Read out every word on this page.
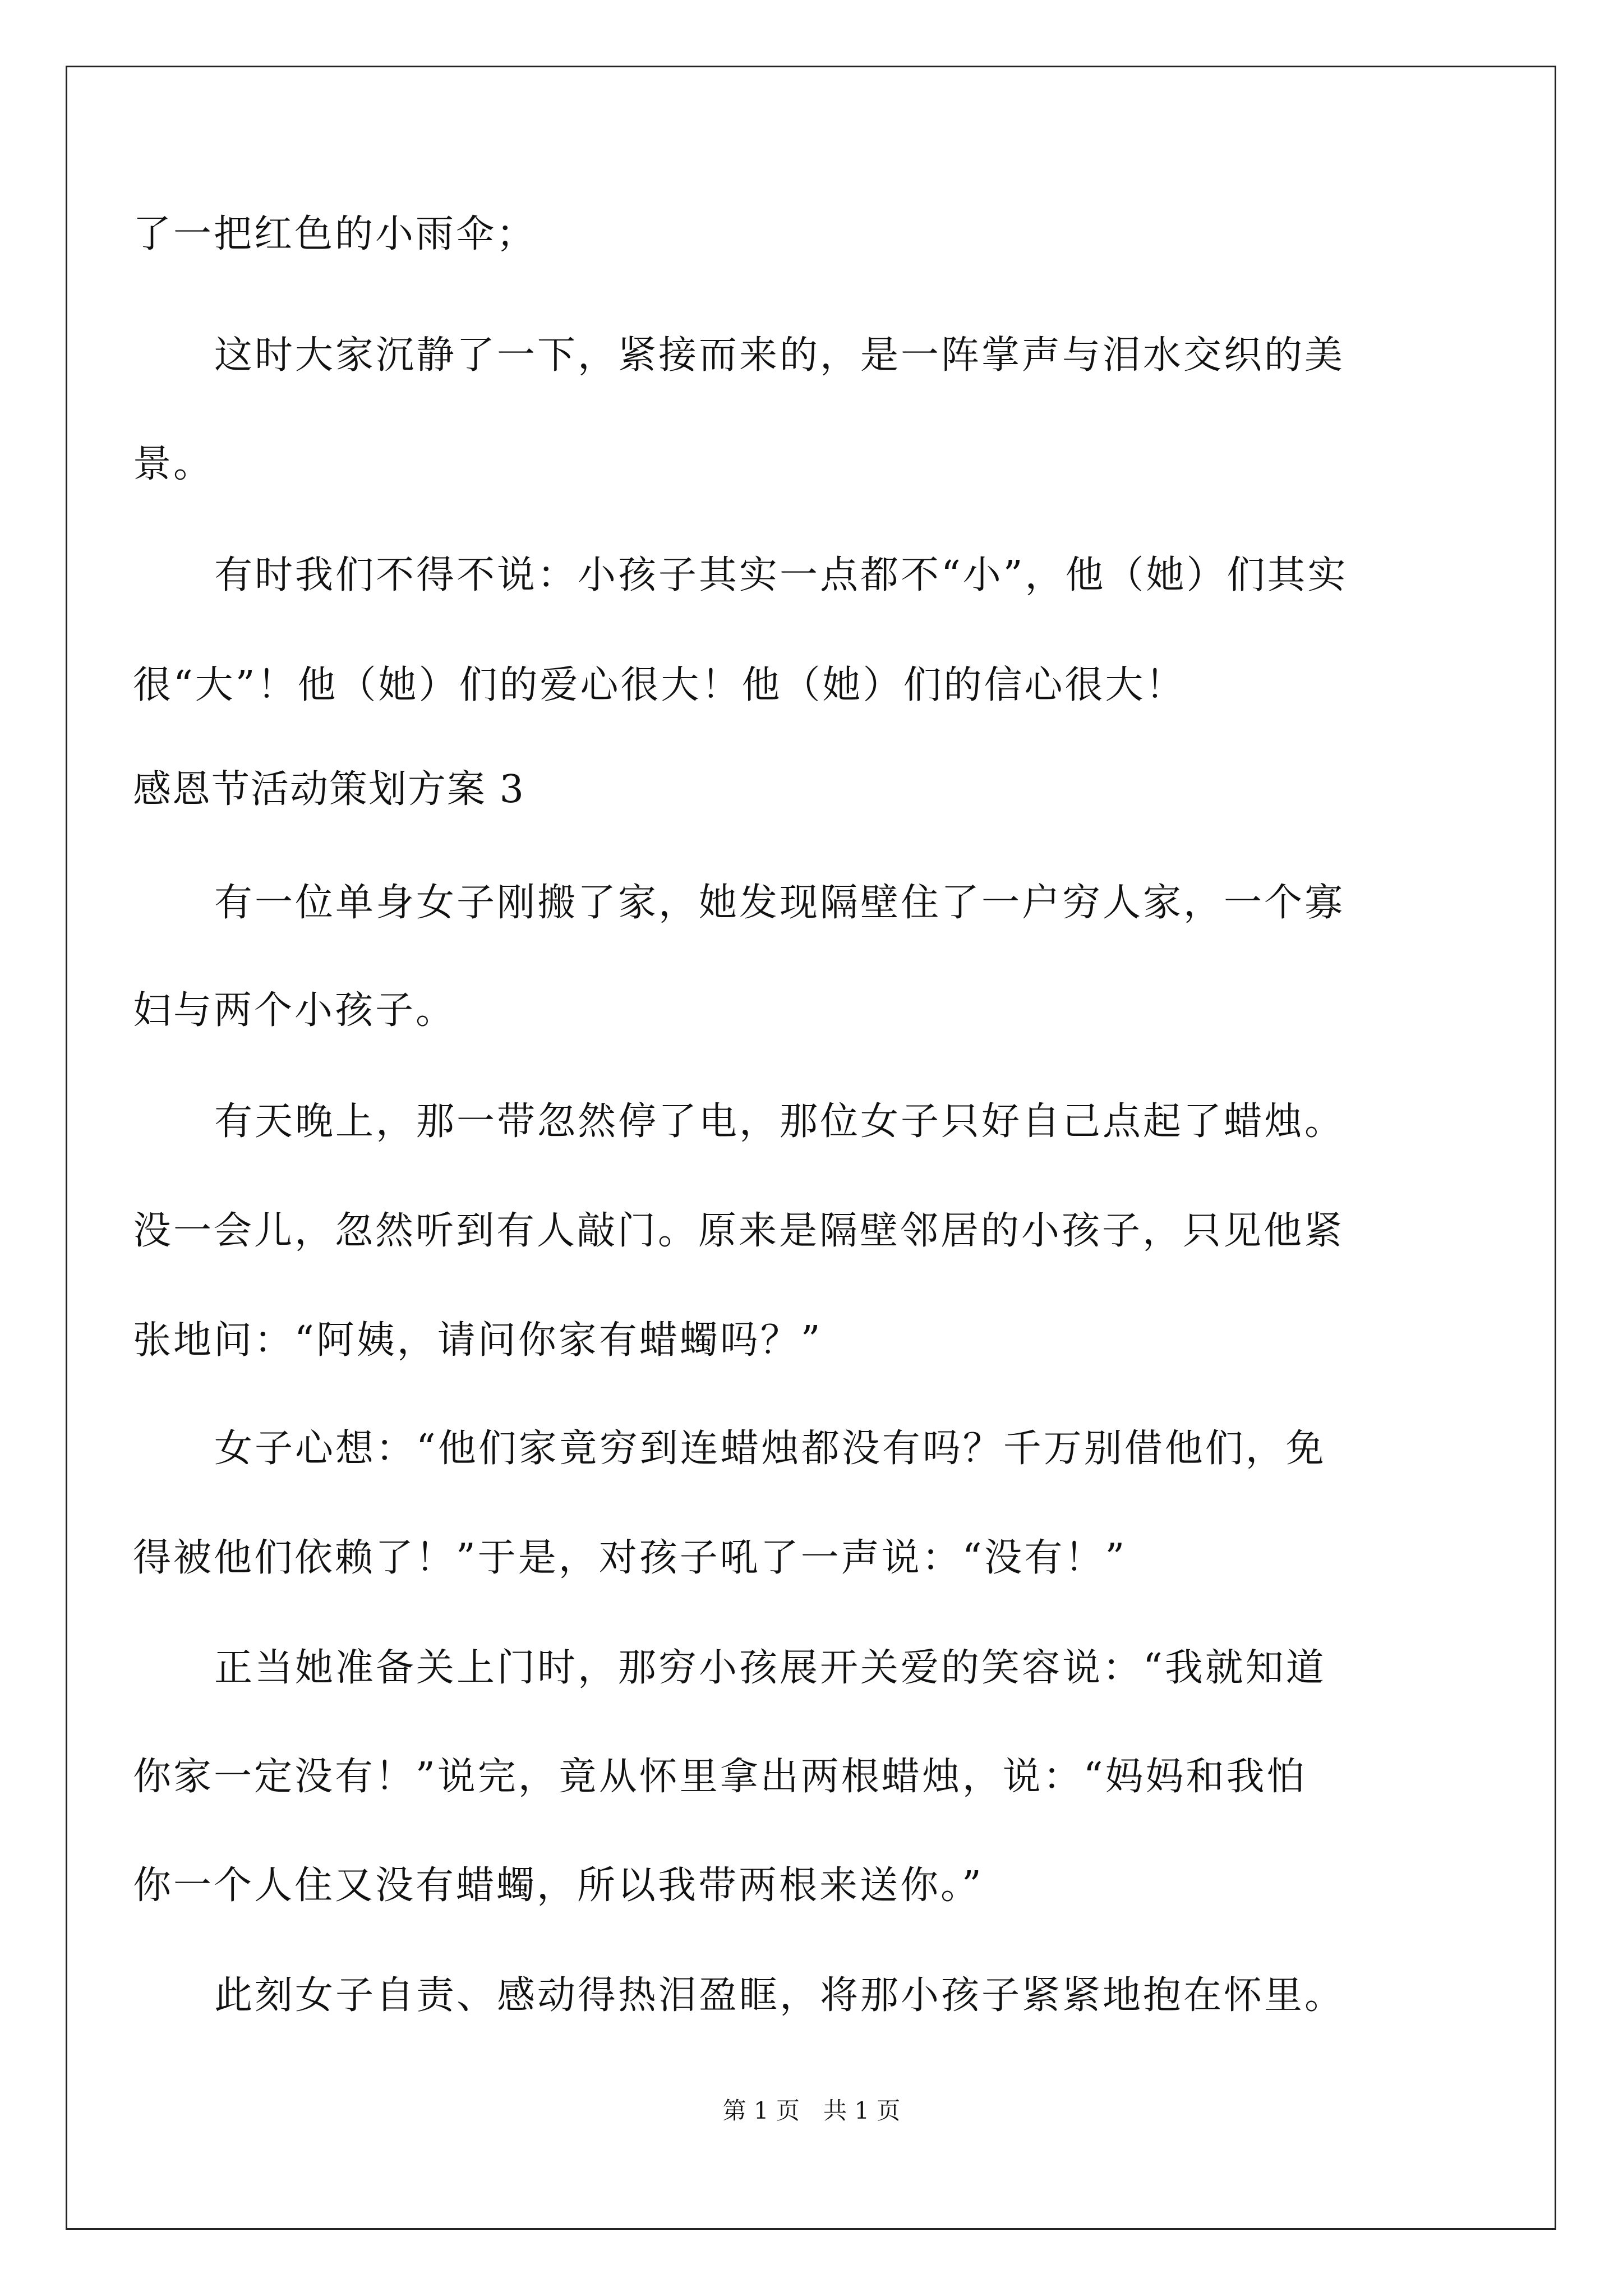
了一把红色的小雨伞；

这时大家沉静了一下，紧接而来的，是一阵掌声与泪水交织的美

景。

有时我们不得不说：小孩子其实一点都不“小”，他（她）们其实

很“大”！他（她）们的爱心很大！他（她）们的信心很大！

感恩节活动策划方案 3

有一位单身女子刚搬了家，她发现隔壁住了一户穷人家，一个寡

妇与两个小孩子。

有天晚上，那一带忽然停了电，那位女子只好自己点起了蜡烛。

没一会儿，忽然听到有人敲门。原来是隔壁邻居的小孩子，只见他紧

张地问：“阿姨，请问你家有蜡蠋吗？”

女子心想：“他们家竟穷到连蜡烛都没有吗？千万别借他们，免

得被他们依赖了！”于是，对孩子吼了一声说：“没有！”

正当她准备关上门时，那穷小孩展开关爱的笑容说：“我就知道

你家一定没有！”说完，竟从怀里拿出两根蜡烛，说：“妈妈和我怕

你一个人住又没有蜡蠋，所以我带两根来送你。”

此刻女子自责、感动得热泪盈眶，将那小孩子紧紧地抱在怀里。

第 1 页　共 1 页
